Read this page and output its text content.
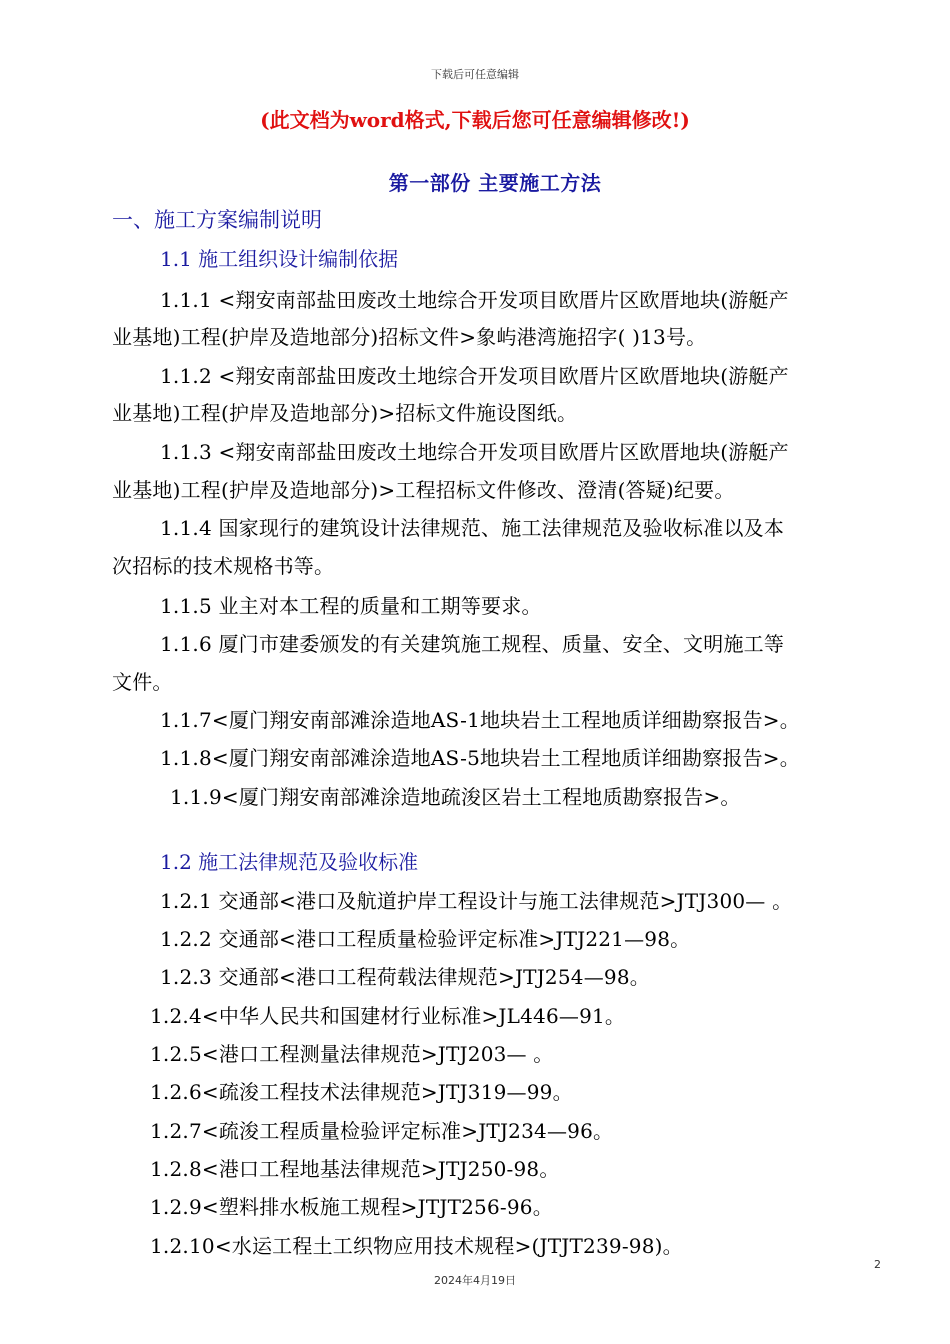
下载后可任意编辑
(此文档为word格式,下载后您可任意编辑修改!)
第一部份 主要施工方法
一、施工方案编制说明
1.1 施工组织设计编制依据
1.1.1 <翔安南部盐田废改土地综合开发项目欧厝片区欧厝地块(游艇产
业基地)工程(护岸及造地部分)招标文件>象屿港湾施招字( )13号。
1.1.2 <翔安南部盐田废改土地综合开发项目欧厝片区欧厝地块(游艇产
业基地)工程(护岸及造地部分)>招标文件施设图纸。
1.1.3 <翔安南部盐田废改土地综合开发项目欧厝片区欧厝地块(游艇产
业基地)工程(护岸及造地部分)>工程招标文件修改、澄清(答疑)纪要。
1.1.4 国家现行的建筑设计法律规范、施工法律规范及验收标准以及本
次招标的技术规格书等。
1.1.5 业主对本工程的质量和工期等要求。
1.1.6 厦门市建委颁发的有关建筑施工规程、质量、安全、文明施工等
文件。
1.1.7<厦门翔安南部滩涂造地AS-1地块岩土工程地质详细勘察报告>。
1.1.8<厦门翔安南部滩涂造地AS-5地块岩土工程地质详细勘察报告>。
1.1.9<厦门翔安南部滩涂造地疏浚区岩土工程地质勘察报告>。
1.2 施工法律规范及验收标准
1.2.1 交通部<港口及航道护岸工程设计与施工法律规范>JTJ300— 。
1.2.2 交通部<港口工程质量检验评定标准>JTJ221—98。
1.2.3 交通部<港口工程荷载法律规范>JTJ254—98。
1.2.4<中华人民共和国建材行业标准>JL446—91。
1.2.5<港口工程测量法律规范>JTJ203— 。
1.2.6<疏浚工程技术法律规范>JTJ319—99。
1.2.7<疏浚工程质量检验评定标准>JTJ234—96。
1.2.8<港口工程地基法律规范>JTJ250-98。
1.2.9<塑料排水板施工规程>JTJT256-96。
1.2.10<水运工程土工织物应用技术规程>(JTJT239-98)。
2
2024年4月19日
